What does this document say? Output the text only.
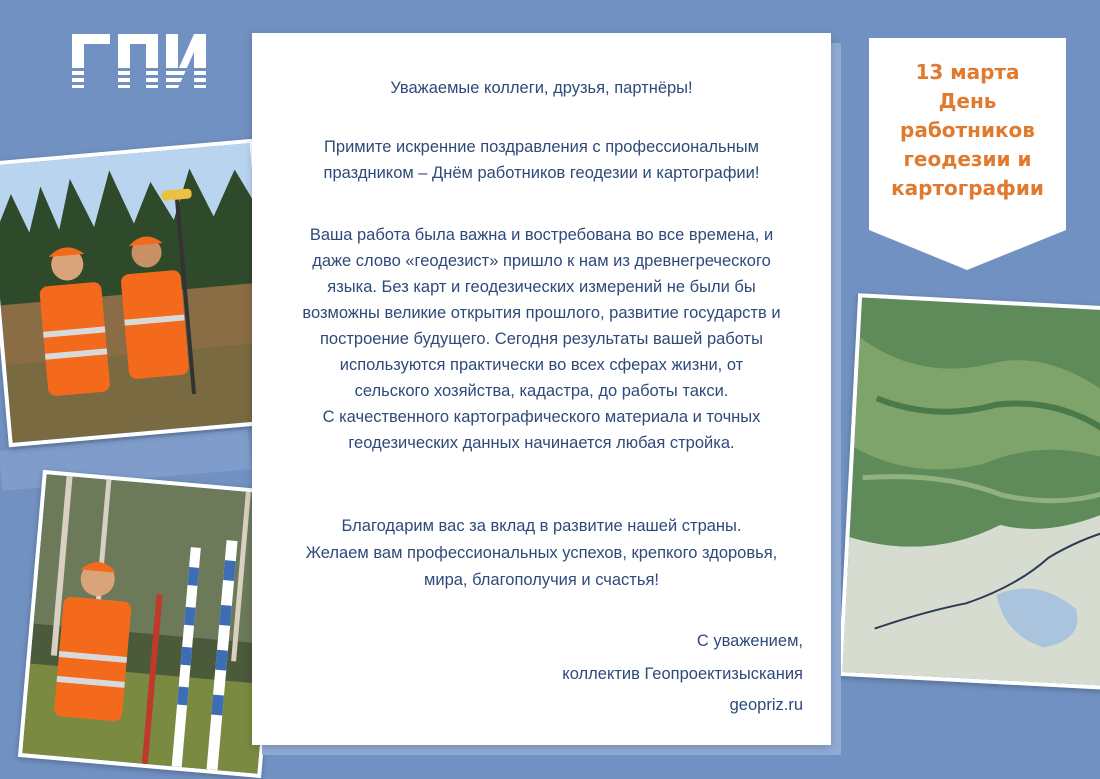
Уважаемые коллеги, друзья, партнёры!

Примите искренние поздравления с профессиональным

праздником – Днём работников геодезии и картографии!

Ваша работа была важна и востребована во все времена, и

даже слово «геодезист» пришло к нам из древнегреческого

языка. Без карт и геодезических измерений не были бы

возможны великие открытия прошлого, развитие государств и

построение будущего. Сегодня результаты вашей работы

используются практически во всех сферах жизни, от

сельского хозяйства, кадастра, до работы такси.

С качественного картографического материала и точных

геодезических данных начинается любая стройка.

Благодарим вас за вклад в развитие нашей страны.

Желаем вам профессиональных успехов, крепкого здоровья,

мира, благополучия и счастья!

С уважением,
коллектив Геопроектизыскания
geopriz.ru
13 марта
День
работников
геодезии и
картографии
